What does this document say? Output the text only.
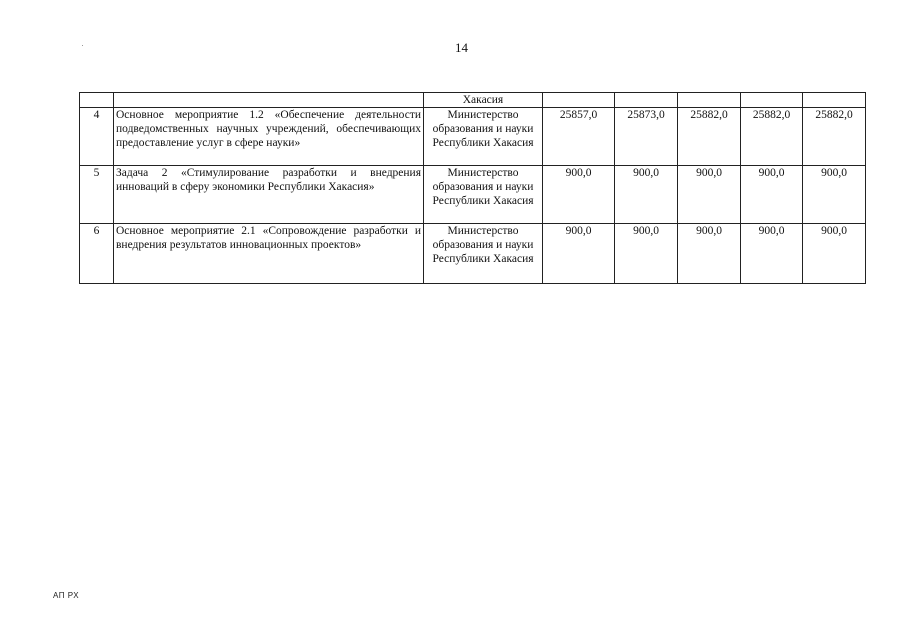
14
		Хакасия					
4	Основное мероприятие 1.2 «Обеспечение деятельности подведомственных научных учреждений, обеспечивающих предоставление услуг в сфере науки»	Министерство образования и науки Республики Хакасия	25857,0	25873,0	25882,0	25882,0	25882,0
5	Задача 2 «Стимулирование разработки и внедрения инноваций в сферу экономики Республики Хакасия»	Министерство образования и науки Республики Хакасия	900,0	900,0	900,0	900,0	900,0
6	Основное мероприятие 2.1 «Сопровождение разработки и внедрения результатов инновационных проектов»	Министерство образования и науки Республики Хакасия	900,0	900,0	900,0	900,0	900,0
АП РХ
